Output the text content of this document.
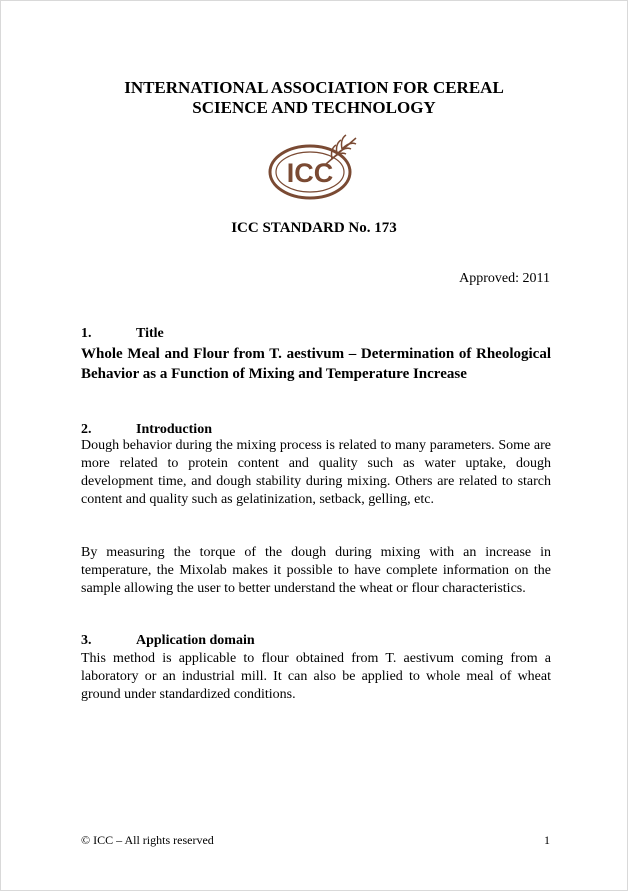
INTERNATIONAL ASSOCIATION FOR CEREAL
SCIENCE AND TECHNOLOGY
ICC
ICC STANDARD No. 173
Approved: 2011
1.	Title
Whole Meal and Flour from T. aestivum – Determination of Rheological Behavior as a Function of Mixing and Temperature Increase
2.	Introduction
Dough behavior during the mixing process is related to many parameters. Some are more related to protein content and quality such as water uptake, dough development time, and dough stability during mixing. Others are related to starch content and quality such as gelatinization, setback, gelling, etc.
By measuring the torque of the dough during mixing with an increase in temperature, the Mixolab makes it possible to have complete information on the sample allowing the user to better understand the wheat or flour characteristics.
3.	Application domain
This method is applicable to flour obtained from T. aestivum coming from a laboratory or an industrial mill. It can also be applied to whole meal of wheat ground under standardized conditions.
© ICC – All rights reserved	1
